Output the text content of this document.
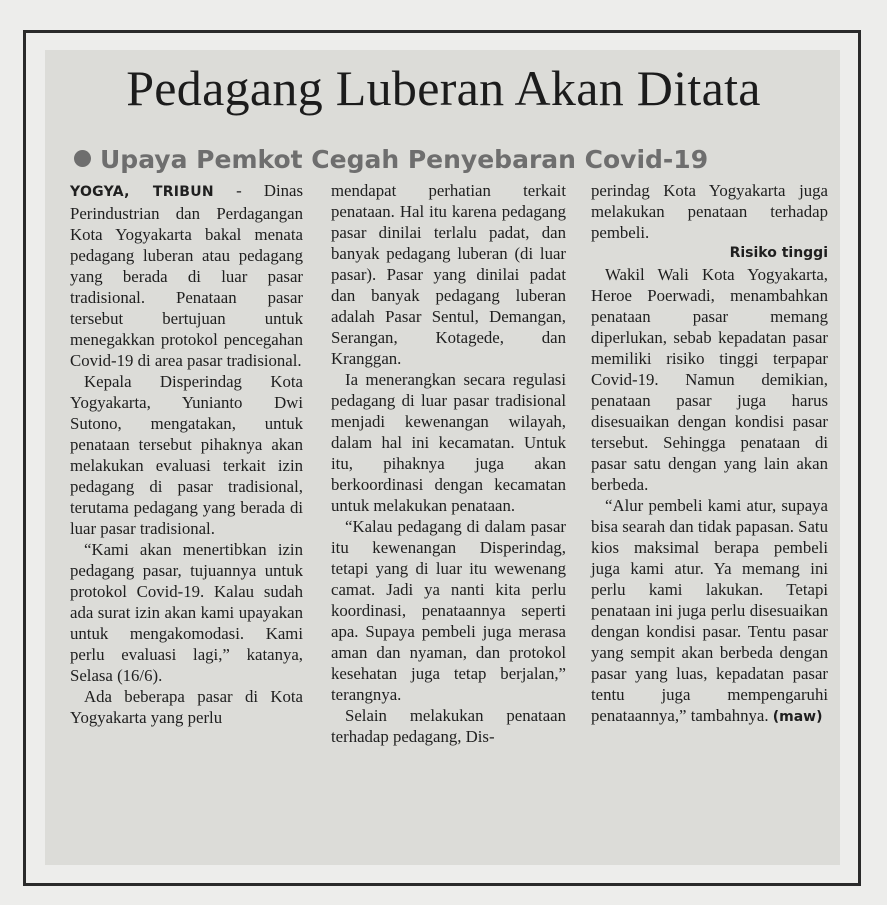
Pedagang Luberan Akan Ditata
Upaya Pemkot Cegah Penyebaran Covid-19

YOGYA, TRIBUN - Dinas Perindustrian dan Perdagangan Kota Yogyakarta bakal menata pedagang luberan atau pedagang yang berada di luar pasar tradisional. Penataan pasar tersebut bertujuan untuk menegakkan protokol pencegahan Covid-19 di area pasar tradisional.

Kepala Disperindag Kota Yogyakarta, Yunianto Dwi Sutono, mengatakan, untuk penataan tersebut pihaknya akan melakukan evaluasi terkait izin pedagang di pasar tradisional, terutama pedagang yang berada di luar pasar tradisional.

“Kami akan menertibkan izin pedagang pasar, tujuannya untuk protokol Covid-19. Kalau sudah ada surat izin akan kami upayakan untuk mengakomodasi. Kami perlu evaluasi lagi,” katanya, Selasa (16/6).

Ada beberapa pasar di Kota Yogyakarta yang perlu

mendapat perhatian terkait penataan. Hal itu karena pedagang pasar dinilai terlalu padat, dan banyak pedagang luberan (di luar pasar). Pasar yang dinilai padat dan banyak pedagang luberan adalah Pasar Sentul, Demangan, Serangan, Kotagede, dan Kranggan.

Ia menerangkan secara regulasi pedagang di luar pasar tradisional menjadi kewenangan wilayah, dalam hal ini kecamatan. Untuk itu, pihaknya juga akan berkoordinasi dengan kecamatan untuk melakukan penataan.

“Kalau pedagang di dalam pasar itu kewenangan Disperindag, tetapi yang di luar itu wewenang camat. Jadi ya nanti kita perlu koordinasi, penataannya seperti apa. Supaya pembeli juga merasa aman dan nyaman, dan protokol kesehatan juga tetap berjalan,” terangnya.

Selain melakukan penataan terhadap pedagang, Dis-

perindag Kota Yogyakarta juga melakukan penataan terhadap pembeli.

Risiko tinggi

Wakil Wali Kota Yogyakarta, Heroe Poerwadi, menambahkan penataan pasar memang diperlukan, sebab kepadatan pasar memiliki risiko tinggi terpapar Covid-19. Namun demikian, penataan pasar juga harus disesuaikan dengan kondisi pasar tersebut. Sehingga penataan di pasar satu dengan yang lain akan berbeda.

“Alur pembeli kami atur, supaya bisa searah dan tidak papasan. Satu kios maksimal berapa pembeli juga kami atur. Ya memang ini perlu kami lakukan. Tetapi penataan ini juga perlu disesuaikan dengan kondisi pasar. Tentu pasar yang sempit akan berbeda dengan pasar yang luas, kepadatan pasar tentu juga mempengaruhi penataannya,” tambahnya. (maw)
